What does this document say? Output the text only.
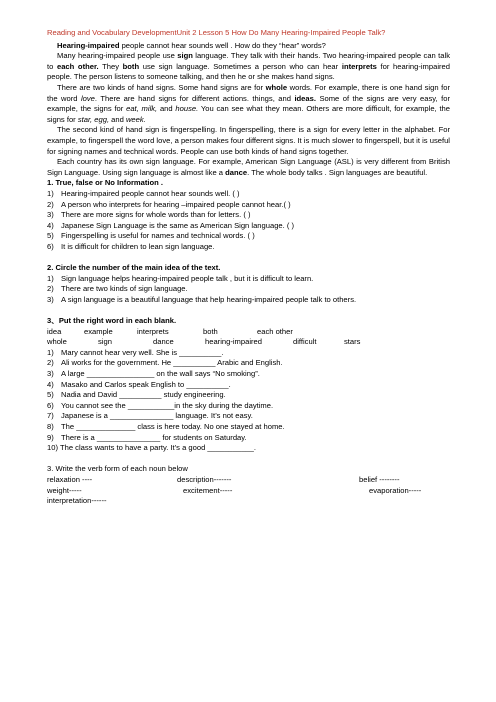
Reading and Vocabulary DevelopmentUnit 2 Lesson 5 How Do Many Hearing-Impaired People Talk?

Hearing-impaired people cannot hear sounds well . How do they “hear” words?

Many hearing-impaired people use sign language. They talk with their hands. Two hearing-impaired people can talk to each other. They both use sign language. Sometimes a person who can hear interprets for hearing-impaired people. The person listens to someone talking, and then he or she makes hand signs.

There are two kinds of hand signs. Some hand signs are for whole words. For example, there is one hand sign for the word love. There are hand signs for different actions. things, and ideas. Some of the signs are very easy, for example, the signs for eat, milk, and house. You can see what they mean. Others are more difficult, for example, the signs for star, egg, and week.

The second kind of hand sign is fingerspelling. In fingerspelling, there is a sign for every letter in the alphabet. For example, to fingerspell the word love, a person makes four different signs. It is much slower to fingerspell, but it is useful for signing names and technical words. People can use both kinds of hand signs together.

Each country has its own sign language. For example, American Sign Language (ASL) is very different from British Sign Language. Using sign language is almost like a dance. The whole body talks . Sign languages are beautiful.

1. True, false or No Information .
1) Hearing-impaired people cannot hear sounds well. ( )
2) A person who interprets for hearing –impaired people cannot hear.( )
3) There are more signs for whole words than for letters. ( )
4) Japanese Sign Language is the same as American Sign language. ( )
5) Fingerspelling is useful for names and technical words. ( )
6) It is difficult for children to lean sign language.
2. Circle the number of the main idea of the text.
1) Sign language helps hearing-impaired people talk , but it is difficult to learn.
2) There are two kinds of sign language.
3) A sign language is a beautiful language that help hearing-impaired people talk to others.
3、Put the right word in each blank.
idea	example	interprets	both	each other
whole	sign	dance	hearing-impaired	difficult	stars
1) Mary cannot hear very well. She is __________.
2) Ali works for the government. He __________ Arabic and English.
3) A large ________________ on the wall says “No smoking”.
4) Masako and Carlos speak English to __________.
5) Nadia and David __________ study engineering.
6) You cannot see the ___________in the sky during the daytime.
7) Japanese is a _______________ language. It’s not easy.
8) The ______________ class is here today. No one stayed at home.
9) There is a _______________ for students on Saturday.
10) The class wants to have a party. It’s a good ___________.
3. Write the verb form of each noun below
relaxation ----	description-------	belief --------
weight-----	excitement-----	evaporation-----
interpretation------
